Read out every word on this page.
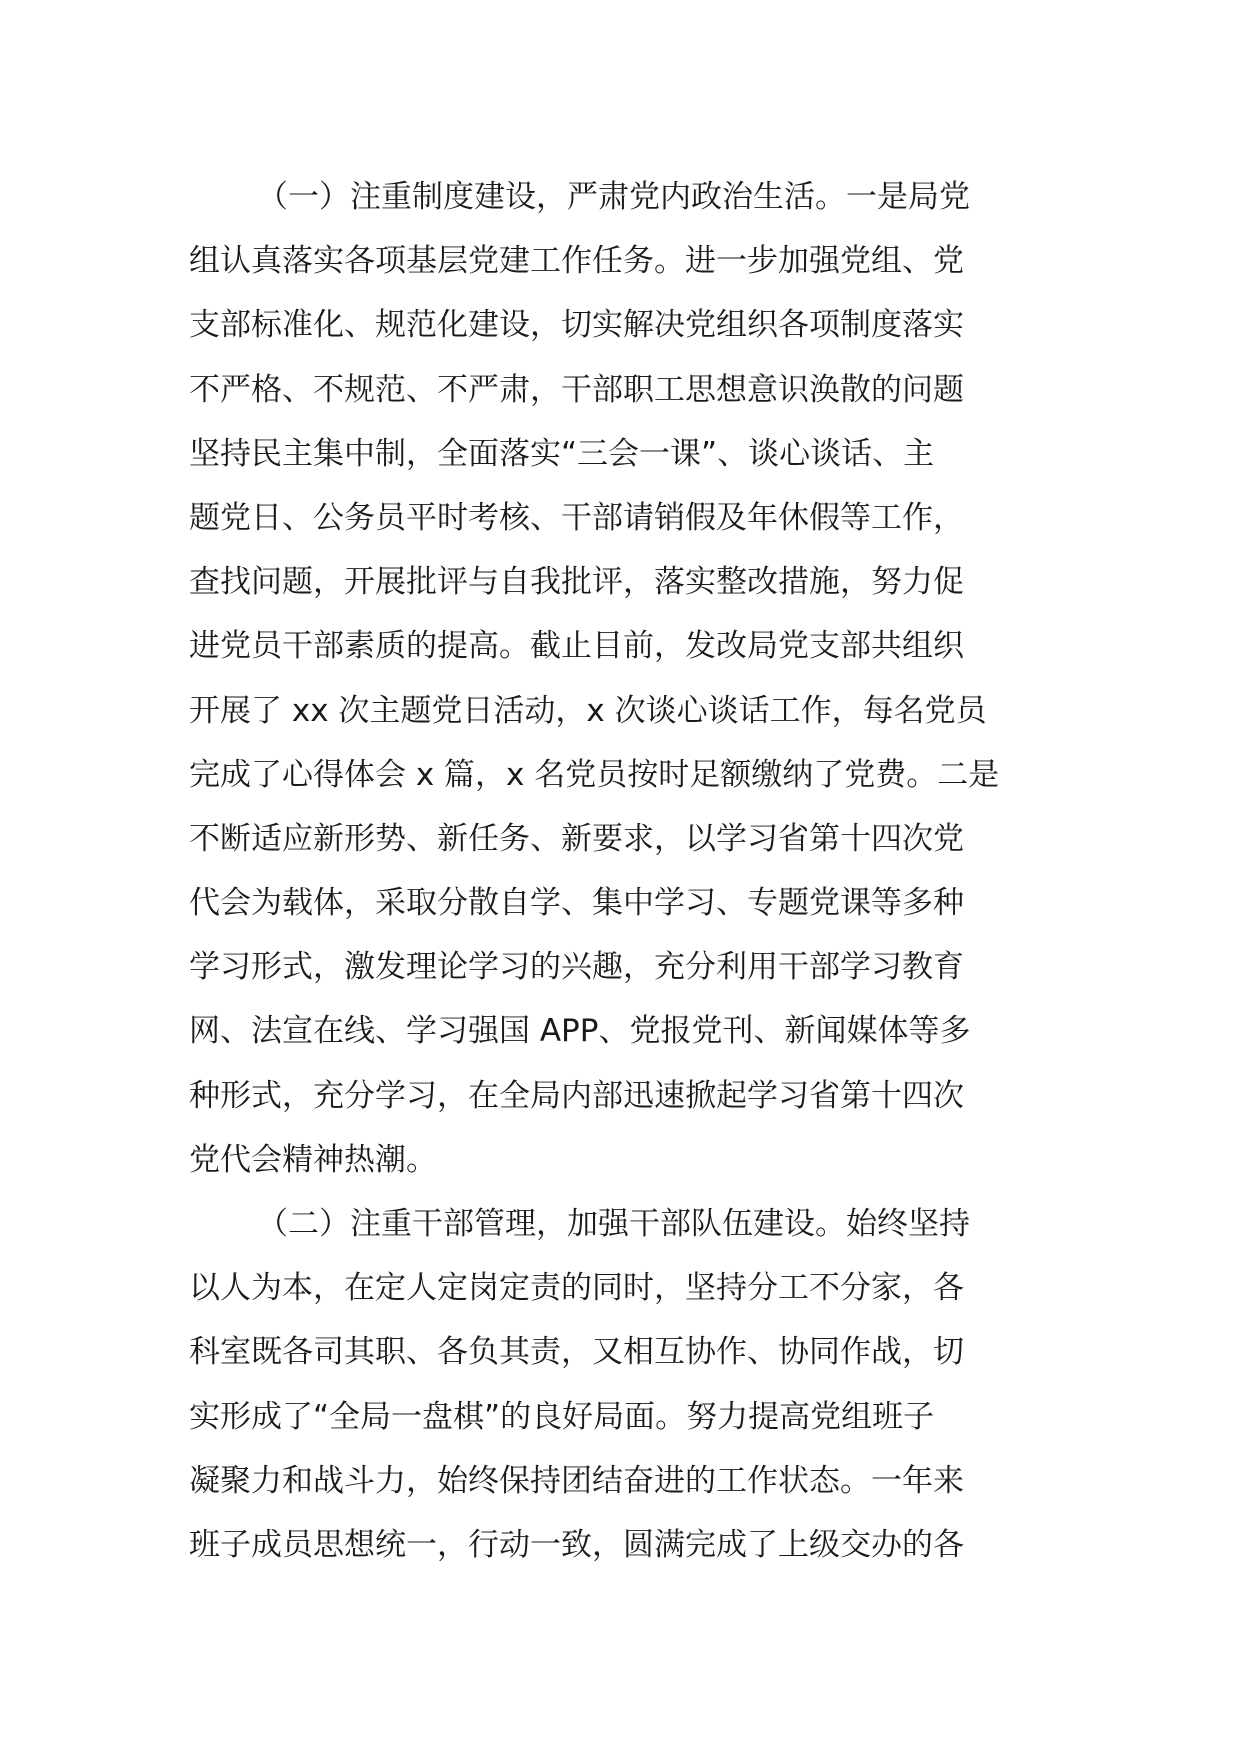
（一）注重制度建设，严肃党内政治生活。一是局党
组认真落实各项基层党建工作任务。进一步加强党组、党
支部标准化、规范化建设，切实解决党组织各项制度落实
不严格、不规范、不严肃，干部职工思想意识涣散的问题
坚持民主集中制，全面落实“三会一课”、谈心谈话、主
题党日、公务员平时考核、干部请销假及年休假等工作，
查找问题，开展批评与自我批评，落实整改措施，努力促
进党员干部素质的提高。截止目前，发改局党支部共组织
开展了 xx 次主题党日活动，x 次谈心谈话工作，每名党员
完成了心得体会 x 篇，x 名党员按时足额缴纳了党费。二是
不断适应新形势、新任务、新要求，以学习省第十四次党
代会为载体，采取分散自学、集中学习、专题党课等多种
学习形式，激发理论学习的兴趣，充分利用干部学习教育
网、法宣在线、学习强国 APP、党报党刊、新闻媒体等多
种形式，充分学习，在全局内部迅速掀起学习省第十四次
党代会精神热潮。
（二）注重干部管理，加强干部队伍建设。始终坚持
以人为本，在定人定岗定责的同时，坚持分工不分家，各
科室既各司其职、各负其责，又相互协作、协同作战，切
实形成了“全局一盘棋”的良好局面。努力提高党组班子
凝聚力和战斗力，始终保持团结奋进的工作状态。一年来
班子成员思想统一，行动一致，圆满完成了上级交办的各
